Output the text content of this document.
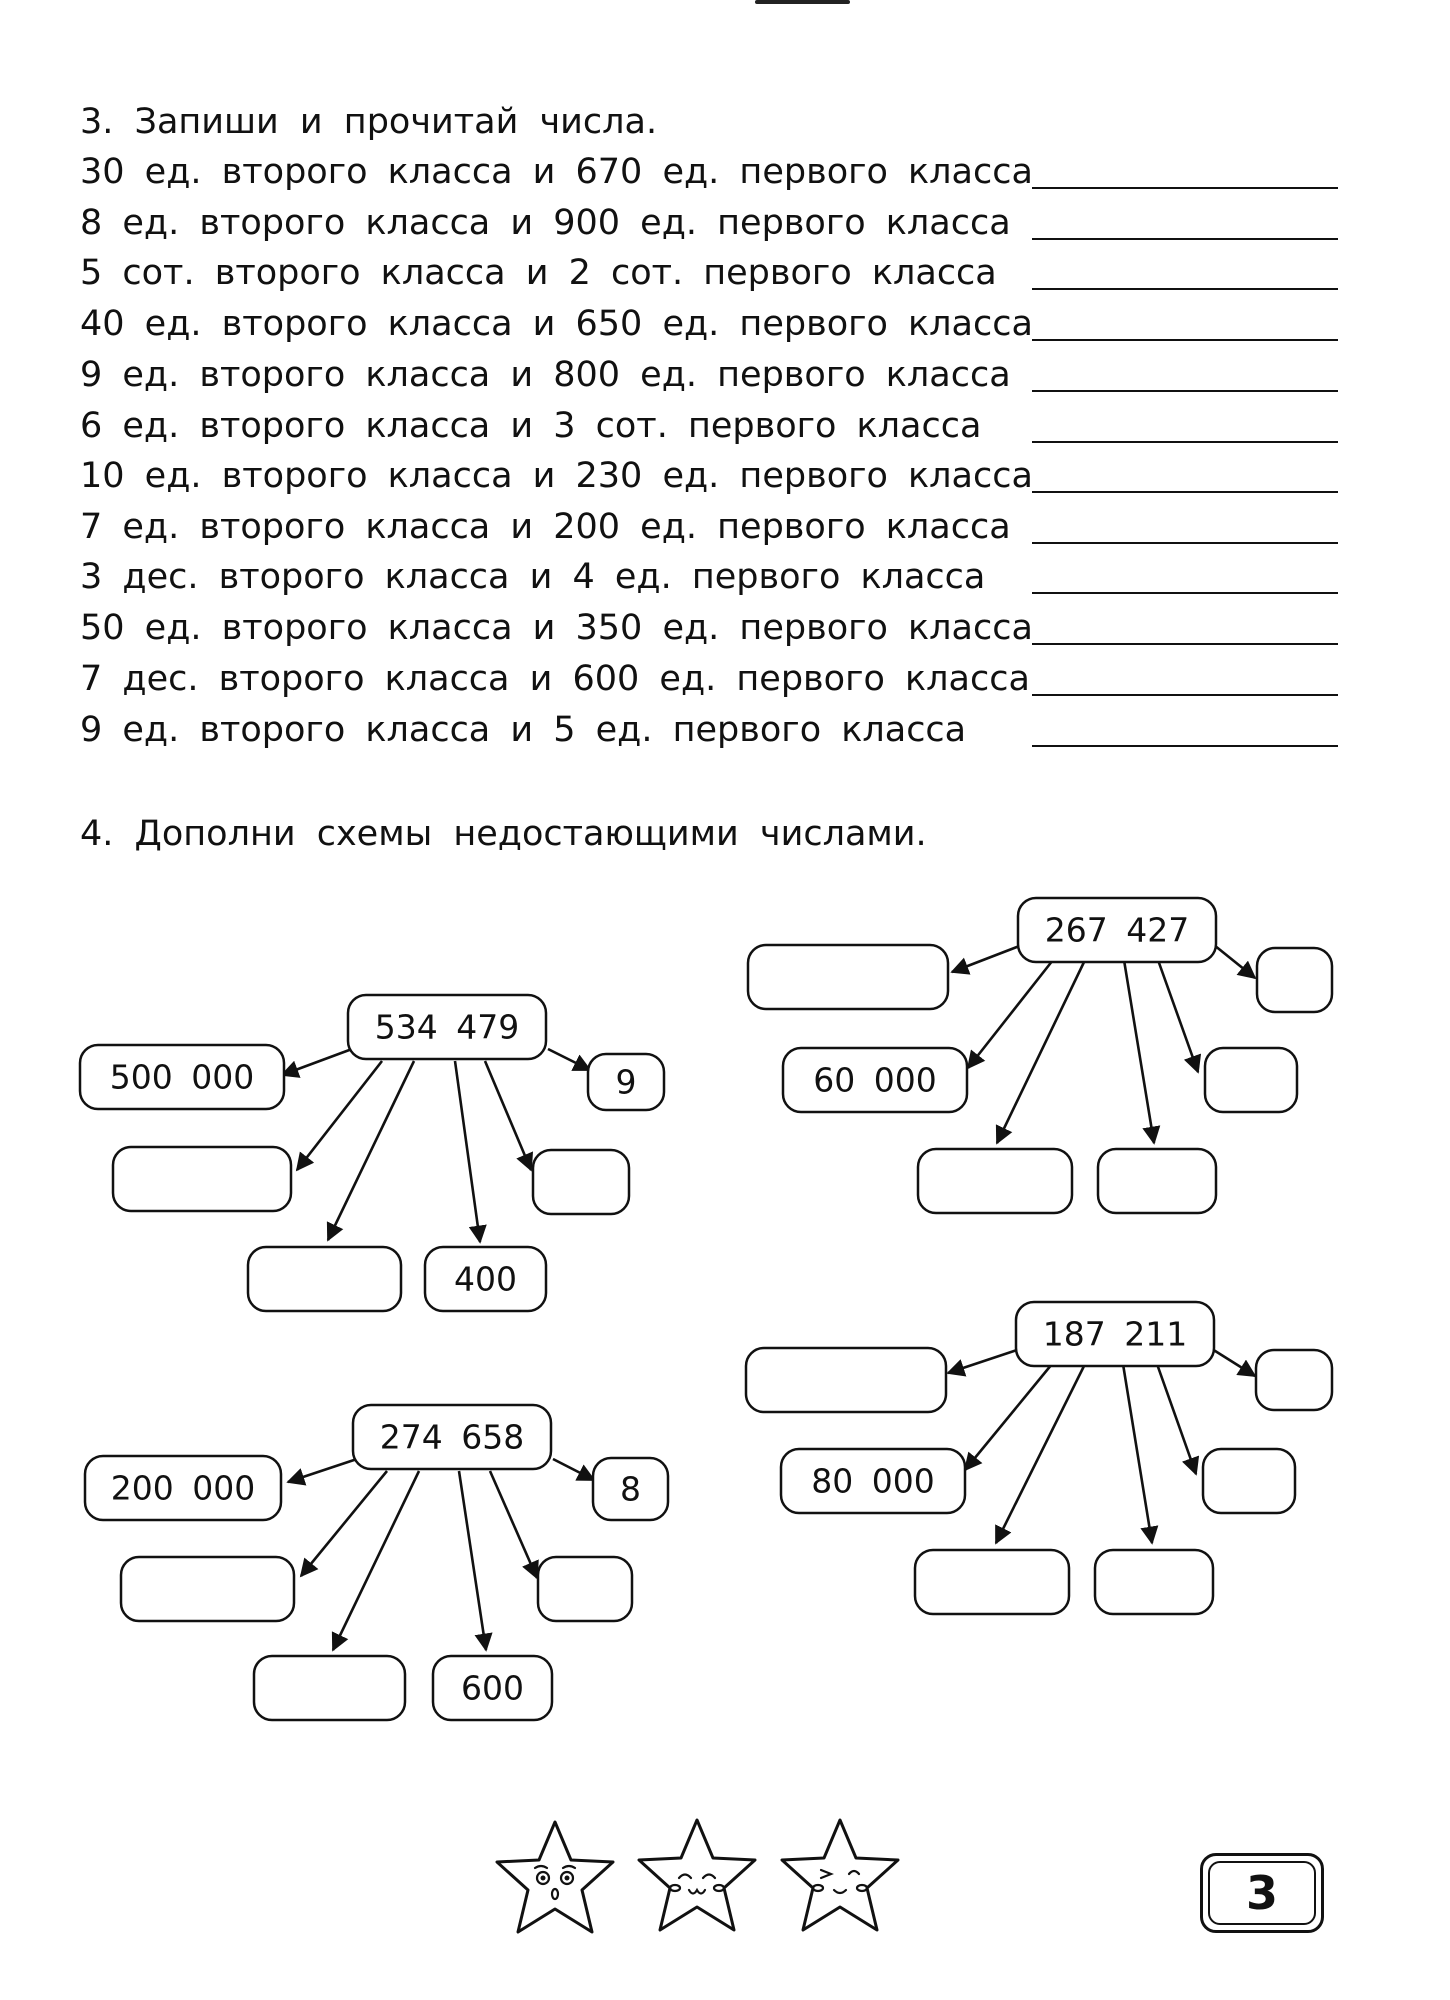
3. Запиши и прочитай числа.
30 ед. второго класса и 670 ед. первого класса
8 ед. второго класса и 900 ед. первого класса
5 сот. второго класса и 2 сот. первого класса
40 ед. второго класса и 650 ед. первого класса
9 ед. второго класса и 800 ед. первого класса
6 ед. второго класса и 3 сот. первого класса
10 ед. второго класса и 230 ед. первого класса
7 ед. второго класса и 200 ед. первого класса
3 дес. второго класса и 4 ед. первого класса
50 ед. второго класса и 350 ед. первого класса
7 дес. второго класса и 600 ед. первого класса
9 ед. второго класса и 5 ед. первого класса
4. Дополни схемы недостающими числами.
534 479
500 000
400
9
267 427
60 000
274 658
200 000
600
8
187 211
80 000
3
